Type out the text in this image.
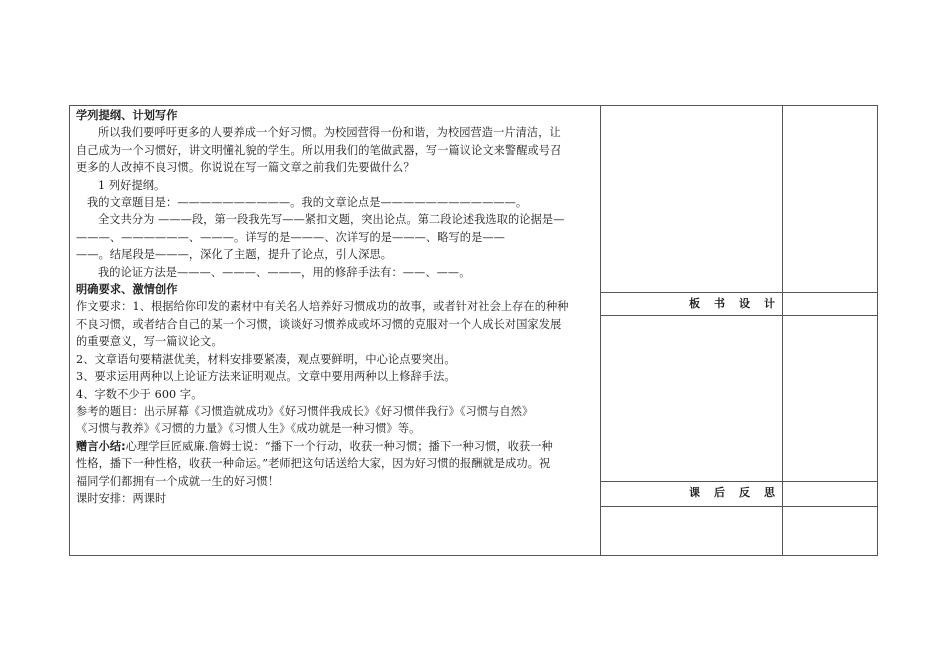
板书设计
课后反思

学列提纲、计划写作

所以我们要呼吁更多的人要养成一个好习惯。为校园营得一份和谐，为校园营造一片清洁，让

自己成为一个习惯好，讲文明懂礼貌的学生。所以用我们的笔做武器，写一篇议论文来警醒或号召

更多的人改掉不良习惯。你说说在写一篇文章之前我们先要做什么？

1 列好提纲。

我的文章题目是：——————————。我的文章论点是————————————。

全文共分为 ———段，第一段我先写——紧扣文题，突出论点。第二段论述我选取的论据是—

———、——————、———。详写的是———、次详写的是———、略写的是——

——。结尾段是———，深化了主题，提升了论点，引人深思。

我的论证方法是———、———、———，用的修辞手法有：——、——。

明确要求、激情创作

作文要求：1、根据给你印发的素材中有关名人培养好习惯成功的故事，或者针对社会上存在的种种

不良习惯，或者结合自己的某一个习惯，谈谈好习惯养成或坏习惯的克服对一个人成长对国家发展

的重要意义，写一篇议论文。

2、文章语句要精湛优美，材料安排要紧凑，观点要鲜明，中心论点要突出。

3、要求运用两种以上论证方法来证明观点。文章中要用两种以上修辞手法。

4、字数不少于 600 字。

参考的题目：出示屏幕《习惯造就成功》《好习惯伴我成长》《好习惯伴我行》《习惯与自然》

《习惯与教养》《习惯的力量》《习惯人生》《成功就是一种习惯》等。

赠言小结:心理学巨匠威廉.詹姆士说：“播下一个行动，收获一种习惯；播下一种习惯，收获一种

性格，播下一种性格，收获一种命运。”老师把这句话送给大家，因为好习惯的报酬就是成功。祝

福同学们都拥有一个成就一生的好习惯！

课时安排：两课时
